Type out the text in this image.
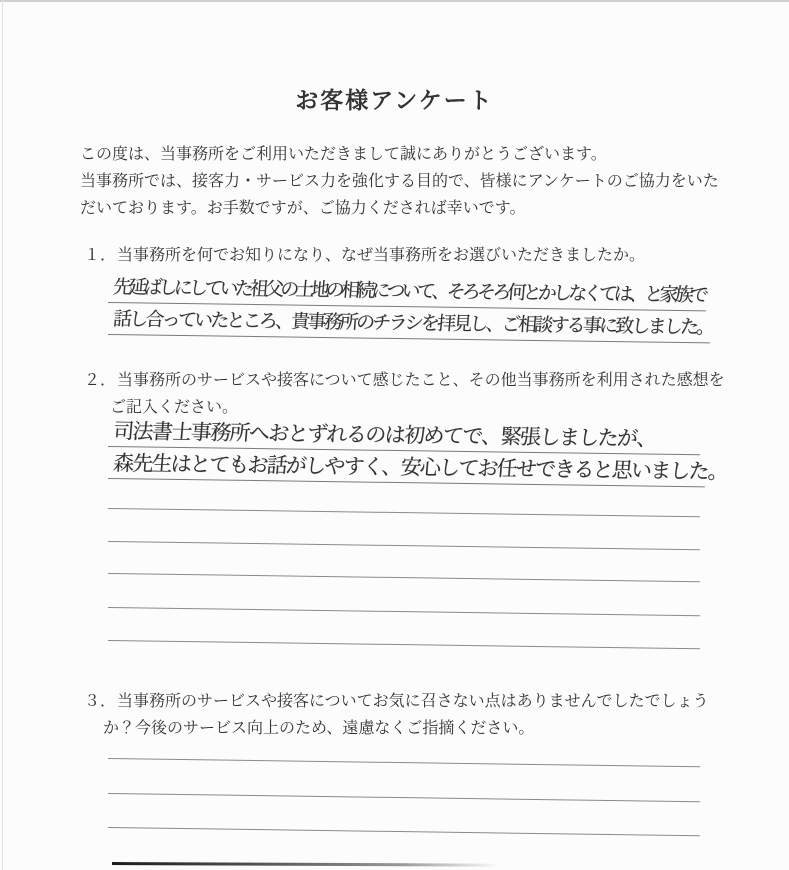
お客様アンケート
この度は、当事務所をご利用いただきまして誠にありがとうございます。
当事務所では、接客力・サービス力を強化する目的で、皆様にアンケートのご協力をいた
だいております。お手数ですが、ご協力くだされば幸いです。
１．当事務所を何でお知りになり、なぜ当事務所をお選びいただきましたか。
先延ばしにしていた祖父の土地の相続について、そろそろ何とかしなくては、と家族で
話し合っていたところ、貴事務所のチラシを拝見し、ご相談する事に致しました。
２．当事務所のサービスや接客について感じたこと、その他当事務所を利用された感想を
ご記入ください。
司法書士事務所へおとずれるのは初めてで、緊張しましたが、
森先生はとてもお話がしやすく、安心してお任せできると思いました。
３．当事務所のサービスや接客についてお気に召さない点はありませんでしたでしょう
か？今後のサービス向上のため、遠慮なくご指摘ください。
